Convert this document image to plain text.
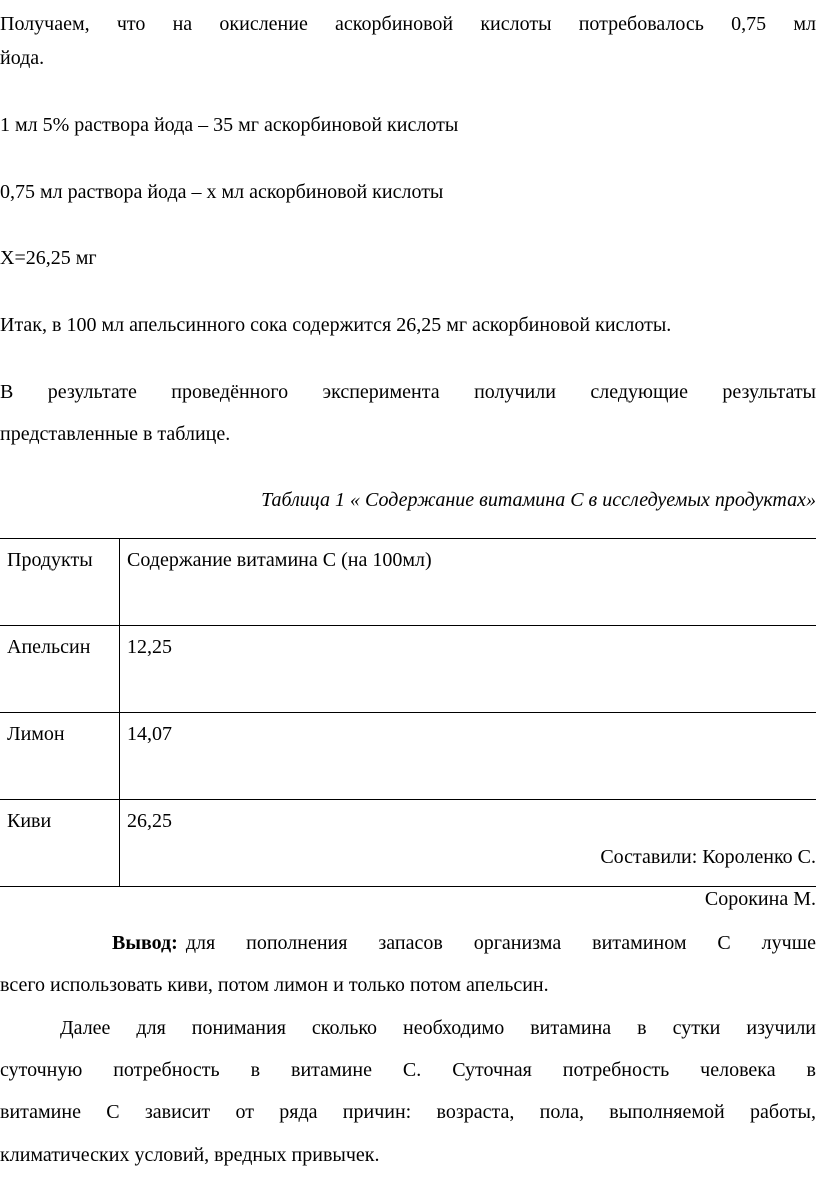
Получаем, что на окисление аскорбиновой кислоты потребовалось 0,75 мл
йода.
1 мл 5% раствора йода – 35 мг аскорбиновой кислоты
0,75 мл раствора йода – х мл аскорбиновой кислоты
Х=26,25 мг
Итак, в 100 мл апельсинного сока содержится 26,25 мг аскорбиновой кислоты.
В результате проведённого эксперимента получили следующие результаты
представленные в таблице.
Таблица 1 « Содержание витамина С в исследуемых продуктах»
Продукты	Содержание витамина С (на 100мл)
Апельсин	12,25
Лимон	14,07
Киви	26,25
Составили: Короленко С.
Сорокина М.
Вывод: для пополнения запасов организма витамином С лучше
всего использовать киви, потом лимон и только потом апельсин.
Далее для понимания сколько необходимо витамина в сутки изучили
суточную потребность в витамине С. Суточная потребность человека в
витамине С зависит от ряда причин: возраста, пола, выполняемой работы,
климатических условий, вредных привычек.
